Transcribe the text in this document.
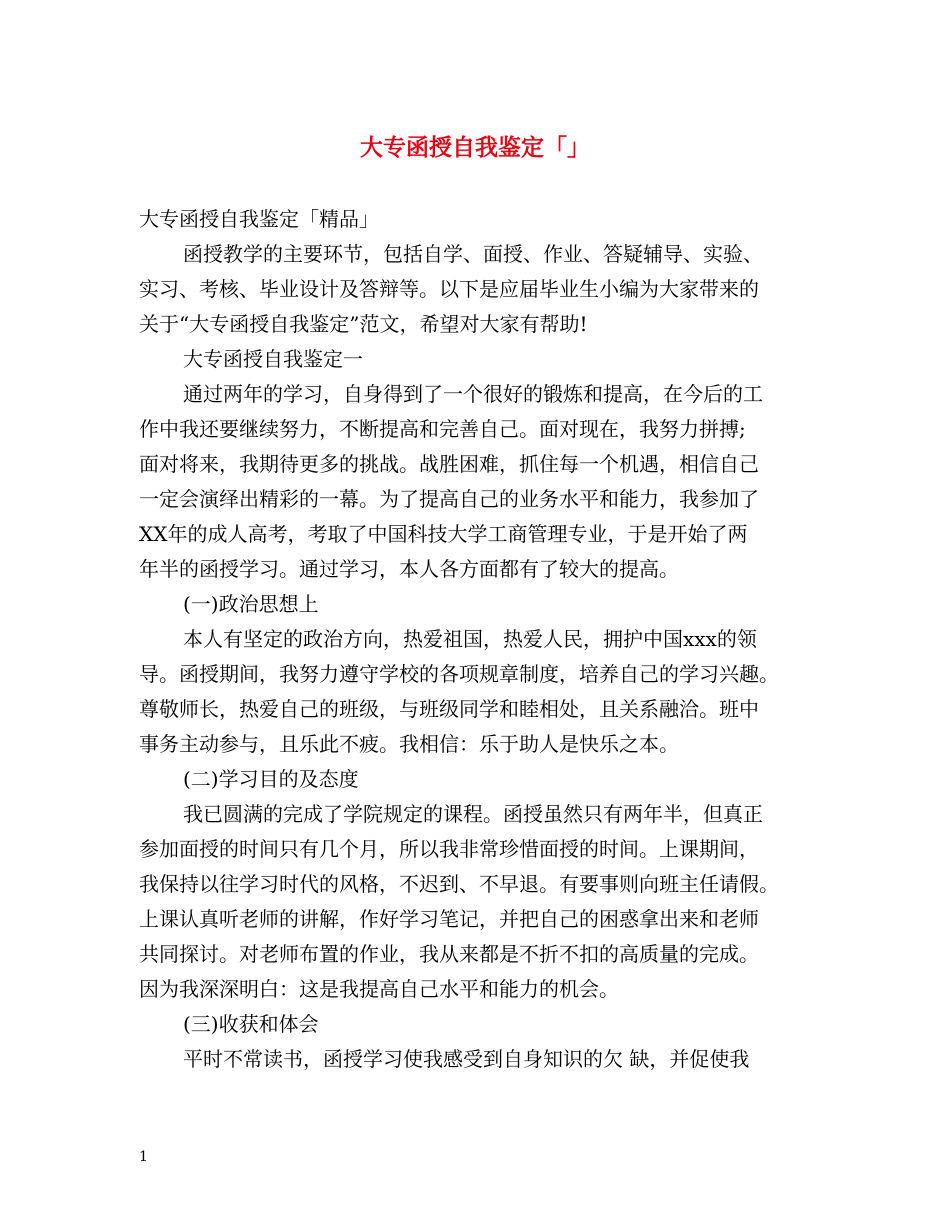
大专函授自我鉴定「」
大专函授自我鉴定「精品」
函授教学的主要环节，包括自学、面授、作业、答疑辅导、实验、
实习、考核、毕业设计及答辩等。以下是应届毕业生小编为大家带来的
关于“大专函授自我鉴定”范文，希望对大家有帮助!
大专函授自我鉴定一
通过两年的学习，自身得到了一个很好的锻炼和提高，在今后的工
作中我还要继续努力，不断提高和完善自己。面对现在，我努力拼搏;
面对将来，我期待更多的挑战。战胜困难，抓住每一个机遇，相信自己
一定会演绎出精彩的一幕。为了提高自己的业务水平和能力，我参加了
XX年的成人高考，考取了中国科技大学工商管理专业，于是开始了两
年半的函授学习。通过学习，本人各方面都有了较大的提高。
(一)政治思想上
本人有坚定的政治方向，热爱祖国，热爱人民，拥护中国xxx的领
导。函授期间，我努力遵守学校的各项规章制度，培养自己的学习兴趣。
尊敬师长，热爱自己的班级，与班级同学和睦相处，且关系融洽。班中
事务主动参与，且乐此不疲。我相信：乐于助人是快乐之本。
(二)学习目的及态度
我已圆满的完成了学院规定的课程。函授虽然只有两年半，但真正
参加面授的时间只有几个月，所以我非常珍惜面授的时间。上课期间，
我保持以往学习时代的风格，不迟到、不早退。有要事则向班主任请假。
上课认真听老师的讲解，作好学习笔记，并把自己的困惑拿出来和老师
共同探讨。对老师布置的作业，我从来都是不折不扣的高质量的完成。
因为我深深明白：这是我提高自己水平和能力的机会。
(三)收获和体会
平时不常读书，函授学习使我感受到自身知识的欠 缺，并促使我
1
